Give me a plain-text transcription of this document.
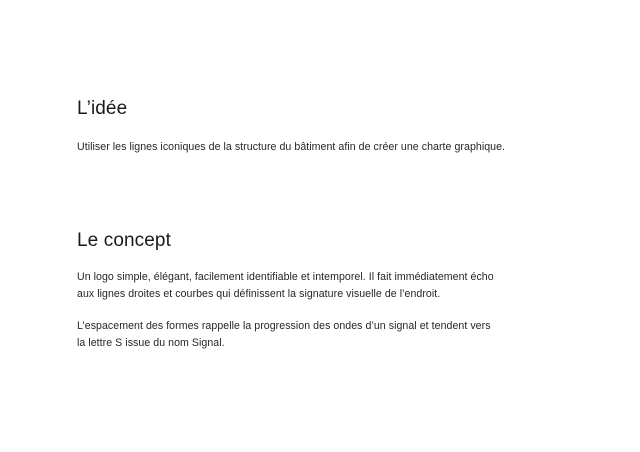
L’idée

Utiliser les lignes iconiques de la structure du bâtiment afin de créer une charte graphique.

Le concept

Un logo simple, élégant, facilement identifiable et intemporel. Il fait immédiatement écho
aux lignes droites et courbes qui définissent la signature visuelle de l’endroit.

L’espacement des formes rappelle la progression des ondes d’un signal et tendent vers
la lettre S issue du nom Signal.
